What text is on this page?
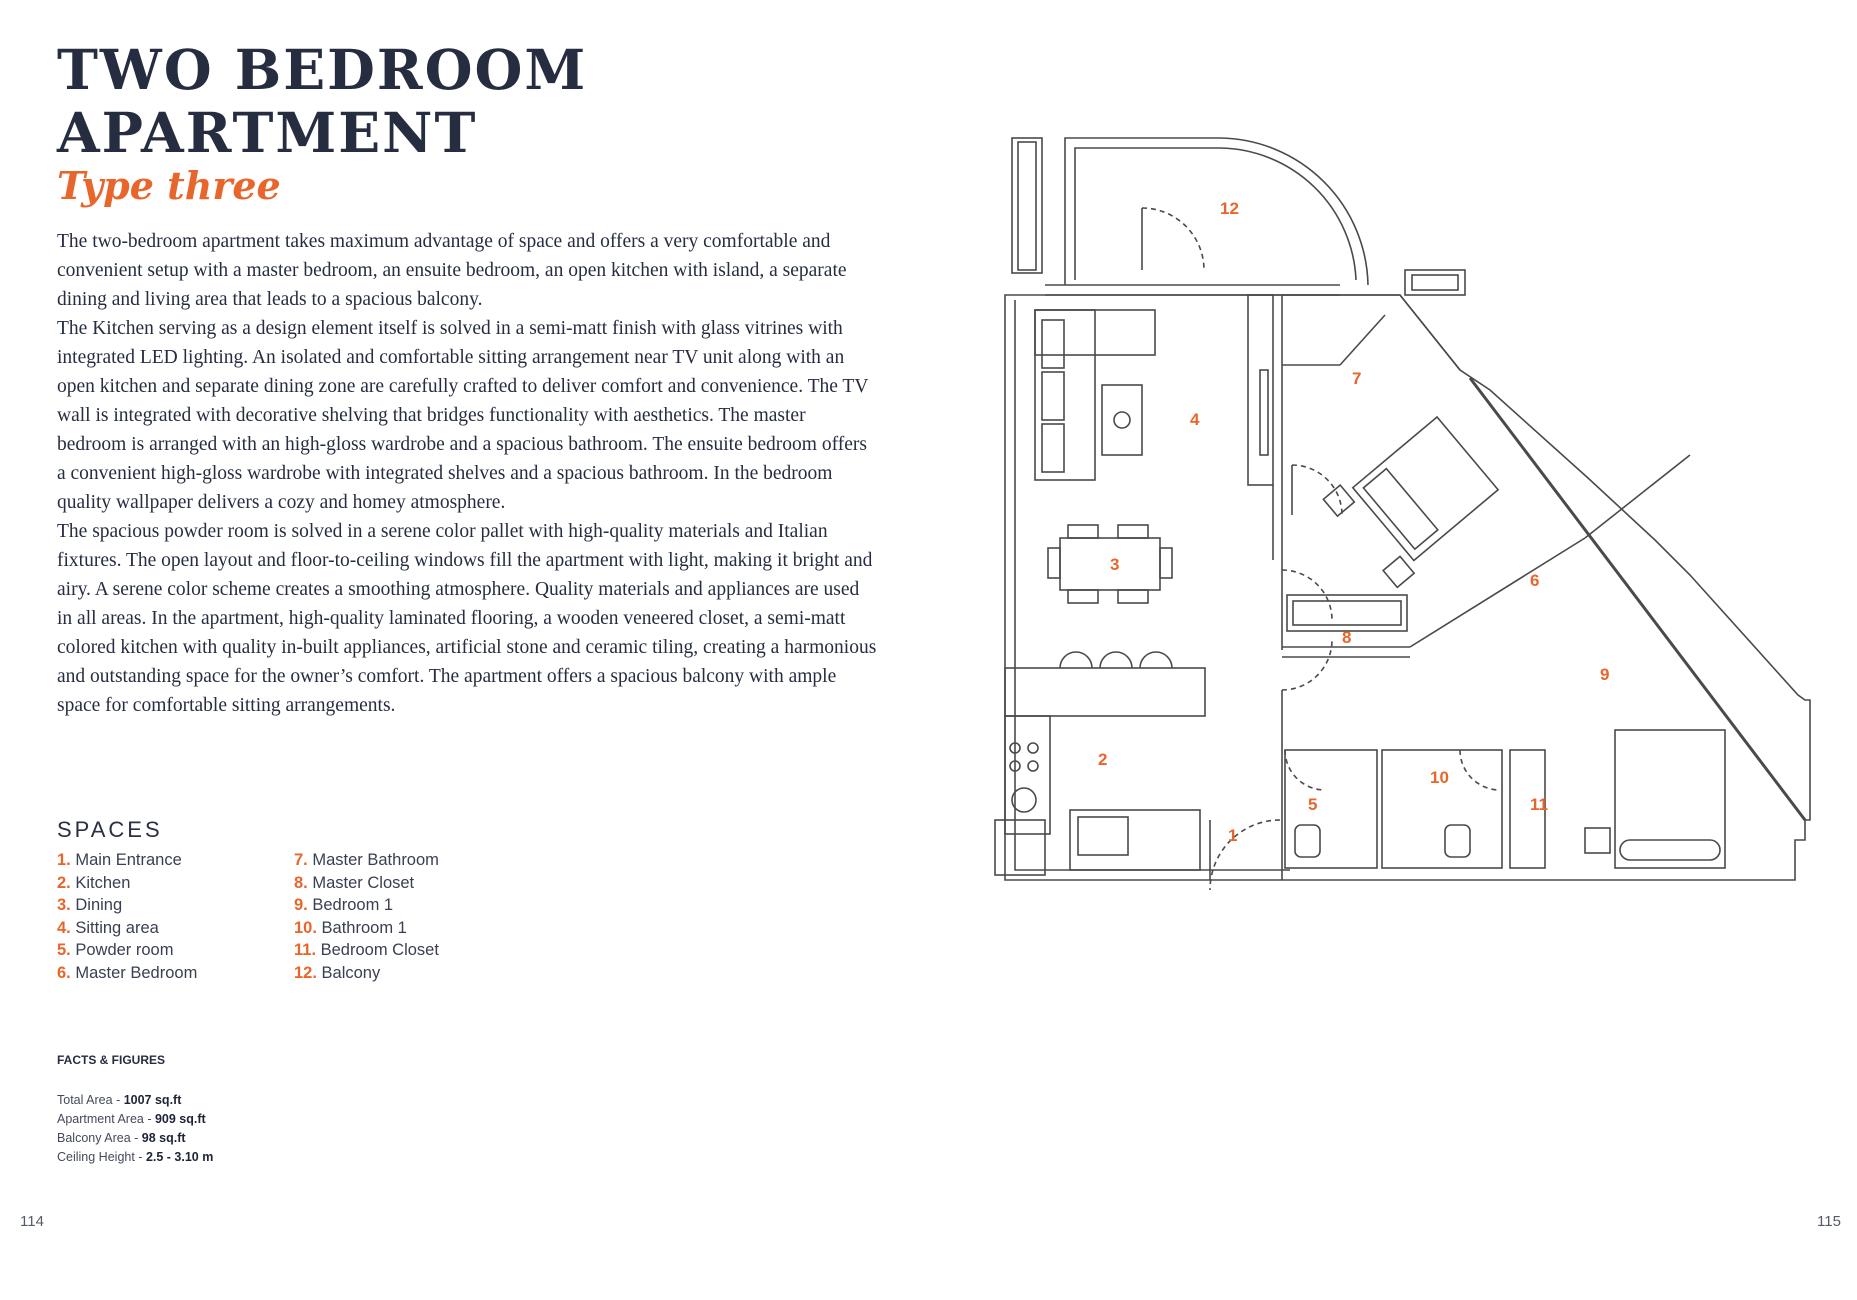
TWO BEDROOM
APARTMENT
Type three

The two-bedroom apartment takes maximum advantage of space and offers a very comfortable and convenient setup with a master bedroom, an ensuite bedroom, an open kitchen with island, a separate dining and living area that leads to a spacious balcony.

The Kitchen serving as a design element itself is solved in a semi-matt finish with glass vitrines with integrated LED lighting. An isolated and comfortable sitting arrangement near TV unit along with an open kitchen and separate dining zone are carefully crafted to deliver comfort and convenience. The TV wall is integrated with decorative shelving that bridges functionality with aesthetics. The master bedroom is arranged with an high-gloss wardrobe and a spacious bathroom. The ensuite bedroom offers a convenient high-gloss wardrobe with integrated shelves and a spacious bathroom. In the bedroom quality wallpaper delivers a cozy and homey atmosphere.

The spacious powder room is solved in a serene color pallet with high-quality materials and Italian fixtures. The open layout and floor-to-ceiling windows fill the apartment with light, making it bright and airy. A serene color scheme creates a smoothing atmosphere. Quality materials and appliances are used in all areas. In the apartment, high-quality laminated flooring, a wooden veneered closet, a semi-matt colored kitchen with quality in-built appliances, artificial stone and ceramic tiling, creating a harmonious and outstanding space for the owner’s comfort. The apartment offers a spacious balcony with ample space for comfortable sitting arrangements.

SPACES
1. Main Entrance
2. Kitchen
3. Dining
4. Sitting area
5. Powder room
6. Master Bedroom
7. Master Bathroom
8. Master Closet
9. Bedroom 1
10. Bathroom 1
11. Bedroom Closet
12. Balcony
FACTS & FIGURES
Total Area - 1007 sq.ft
Apartment Area - 909 sq.ft
Balcony Area - 98 sq.ft
Ceiling Height - 2.5 - 3.10 m
1
2
3
4
5
6
7
8
9
10
11
12
114	115
